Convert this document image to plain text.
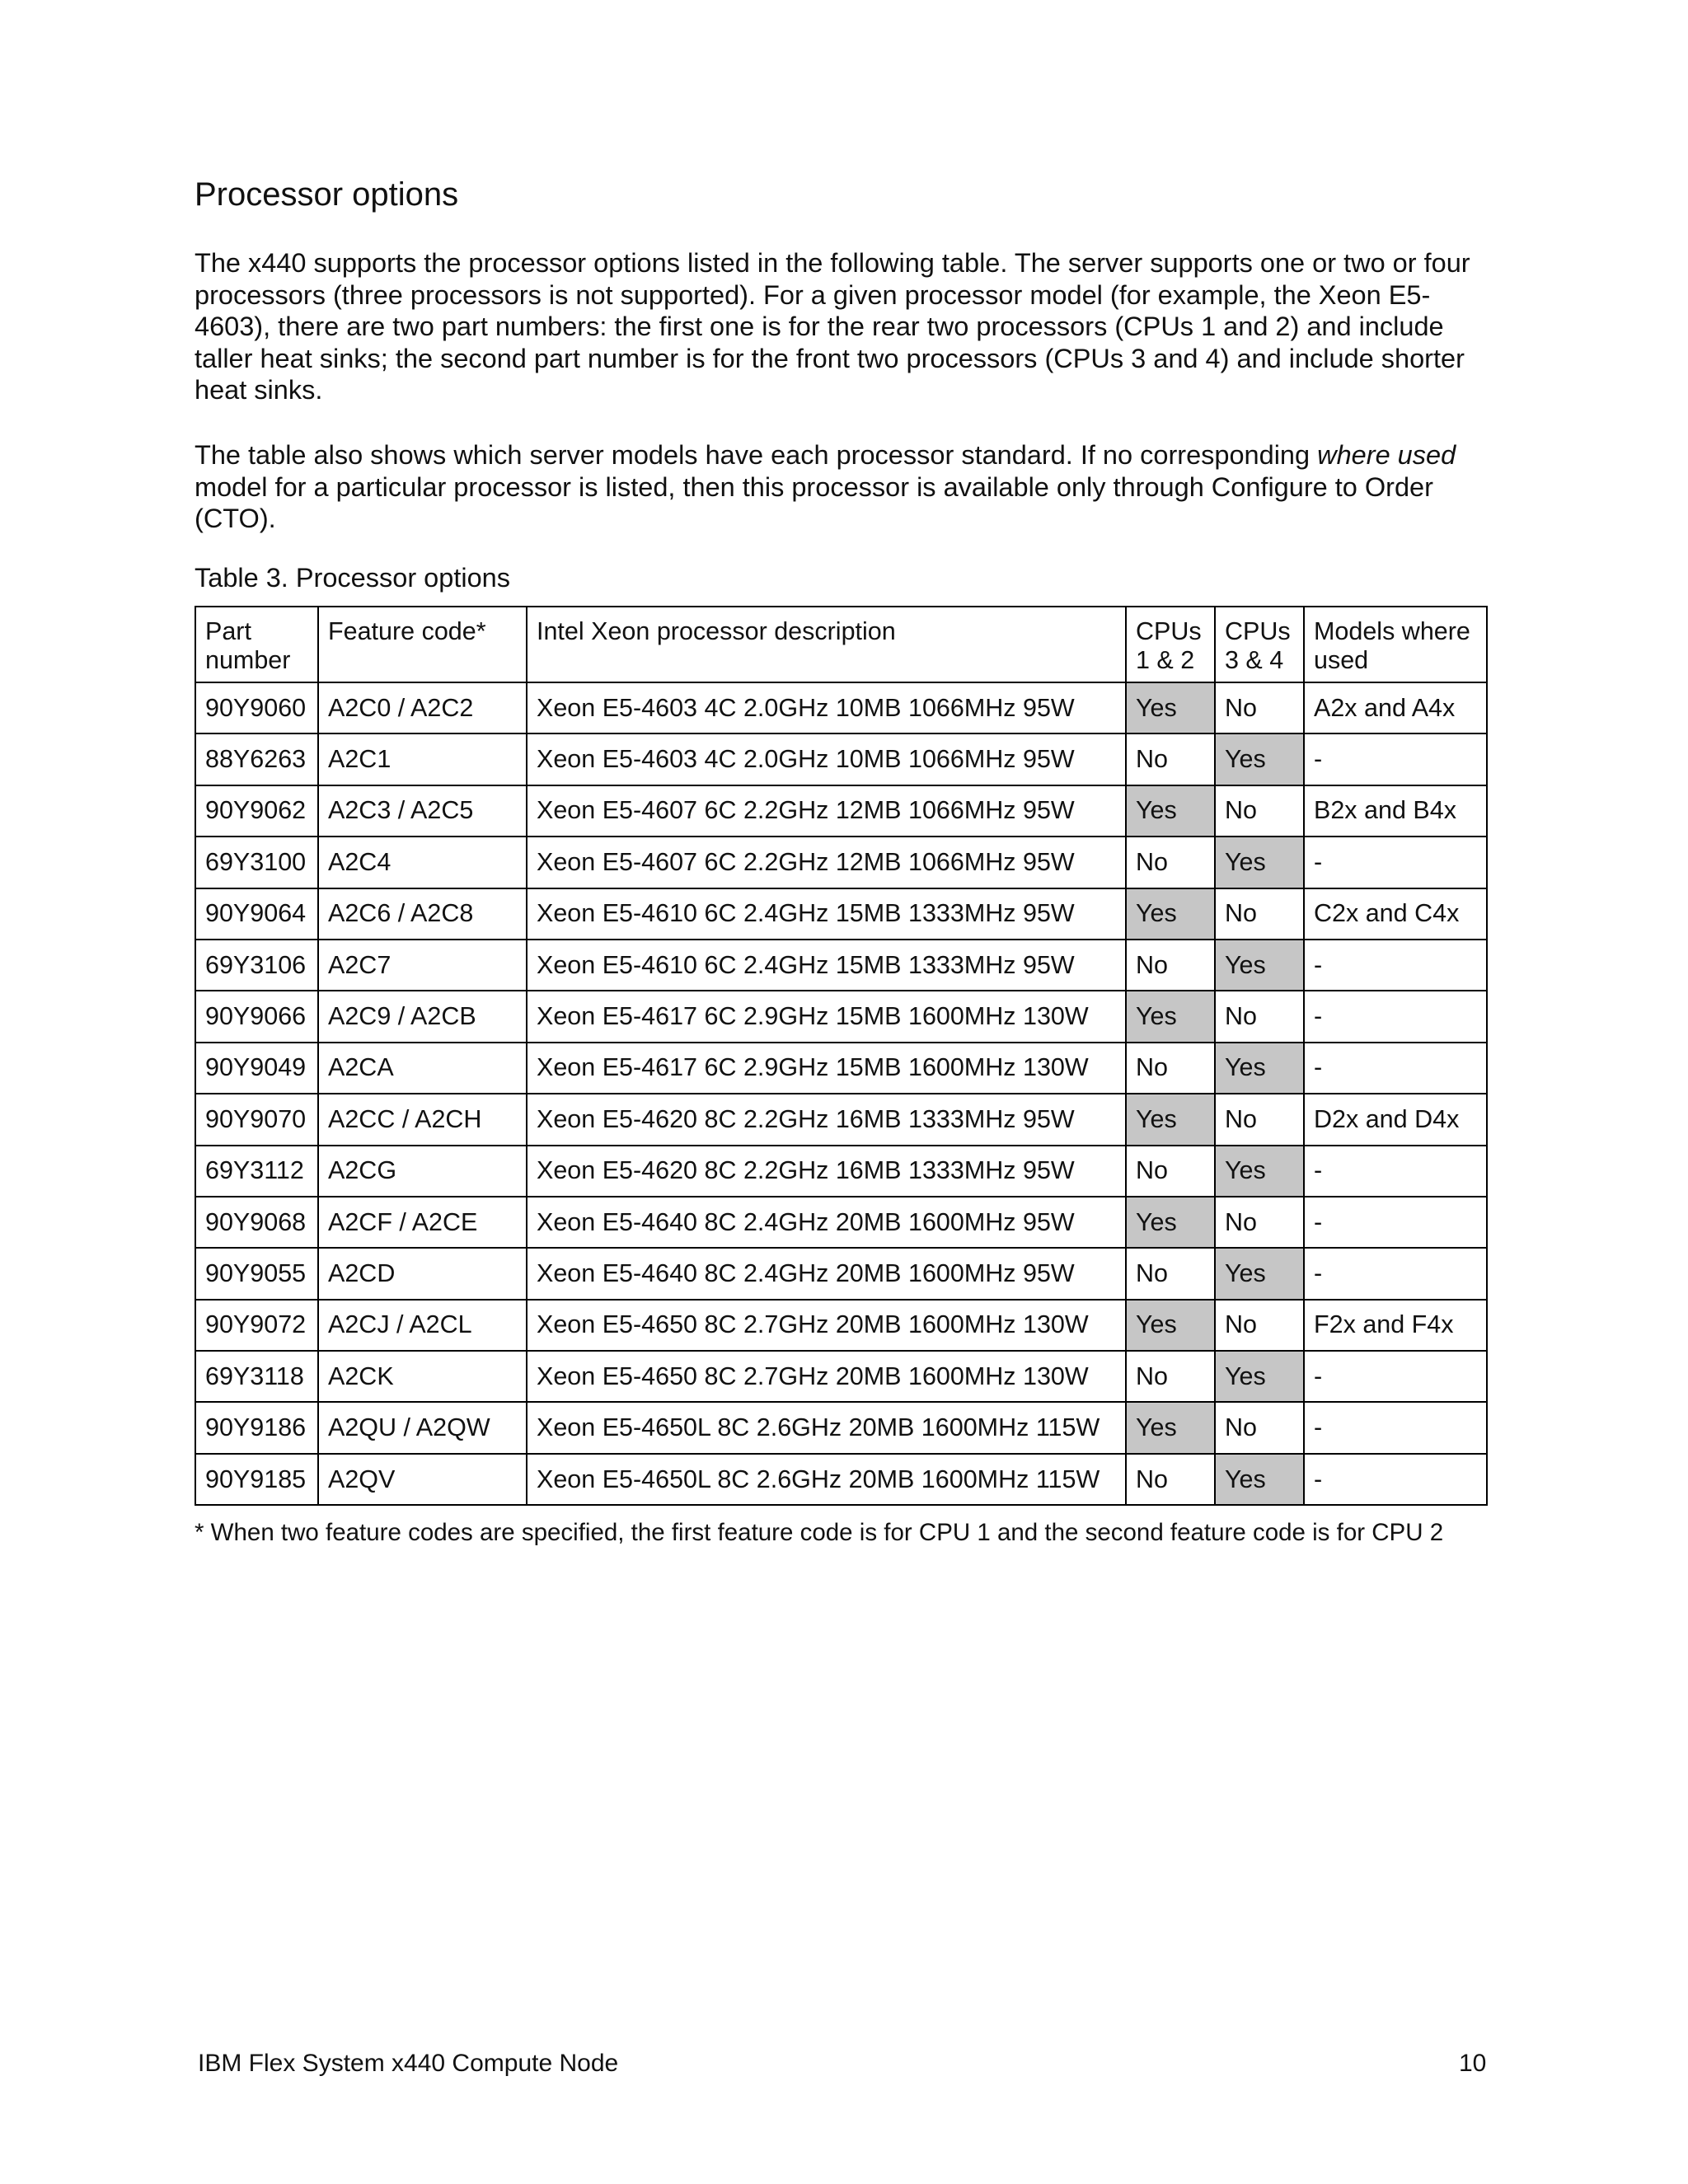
Processor options

The x440 supports the processor options listed in the following table. The server supports one or two or four processors (three processors is not supported). For a given processor model (for example, the Xeon E5-4603), there are two part numbers: the first one is for the rear two processors (CPUs 1 and 2) and include taller heat sinks; the second part number is for the front two processors (CPUs 3 and 4) and include shorter heat sinks.

The table also shows which server models have each processor standard. If no corresponding where used model for a particular processor is listed, then this processor is available only through Configure to Order (CTO).

Table 3. Processor options

Part number	Feature code*	Intel Xeon processor description	CPUs 1 & 2	CPUs 3 & 4	Models where used
90Y9060	A2C0 / A2C2	Xeon E5-4603 4C 2.0GHz 10MB 1066MHz 95W	Yes	No	A2x and A4x
88Y6263	A2C1	Xeon E5-4603 4C 2.0GHz 10MB 1066MHz 95W	No	Yes	-
90Y9062	A2C3 / A2C5	Xeon E5-4607 6C 2.2GHz 12MB 1066MHz 95W	Yes	No	B2x and B4x
69Y3100	A2C4	Xeon E5-4607 6C 2.2GHz 12MB 1066MHz 95W	No	Yes	-
90Y9064	A2C6 / A2C8	Xeon E5-4610 6C 2.4GHz 15MB 1333MHz 95W	Yes	No	C2x and C4x
69Y3106	A2C7	Xeon E5-4610 6C 2.4GHz 15MB 1333MHz 95W	No	Yes	-
90Y9066	A2C9 / A2CB	Xeon E5-4617 6C 2.9GHz 15MB 1600MHz 130W	Yes	No	-
90Y9049	A2CA	Xeon E5-4617 6C 2.9GHz 15MB 1600MHz 130W	No	Yes	-
90Y9070	A2CC / A2CH	Xeon E5-4620 8C 2.2GHz 16MB 1333MHz 95W	Yes	No	D2x and D4x
69Y3112	A2CG	Xeon E5-4620 8C 2.2GHz 16MB 1333MHz 95W	No	Yes	-
90Y9068	A2CF / A2CE	Xeon E5-4640 8C 2.4GHz 20MB 1600MHz 95W	Yes	No	-
90Y9055	A2CD	Xeon E5-4640 8C 2.4GHz 20MB 1600MHz 95W	No	Yes	-
90Y9072	A2CJ / A2CL	Xeon E5-4650 8C 2.7GHz 20MB 1600MHz 130W	Yes	No	F2x and F4x
69Y3118	A2CK	Xeon E5-4650 8C 2.7GHz 20MB 1600MHz 130W	No	Yes	-
90Y9186	A2QU / A2QW	Xeon E5-4650L 8C 2.6GHz 20MB 1600MHz 115W	Yes	No	-
90Y9185	A2QV	Xeon E5-4650L 8C 2.6GHz 20MB 1600MHz 115W	No	Yes	-

* When two feature codes are specified, the first feature code is for CPU 1 and the second feature code is for CPU 2

IBM Flex System x440 Compute Node	10
